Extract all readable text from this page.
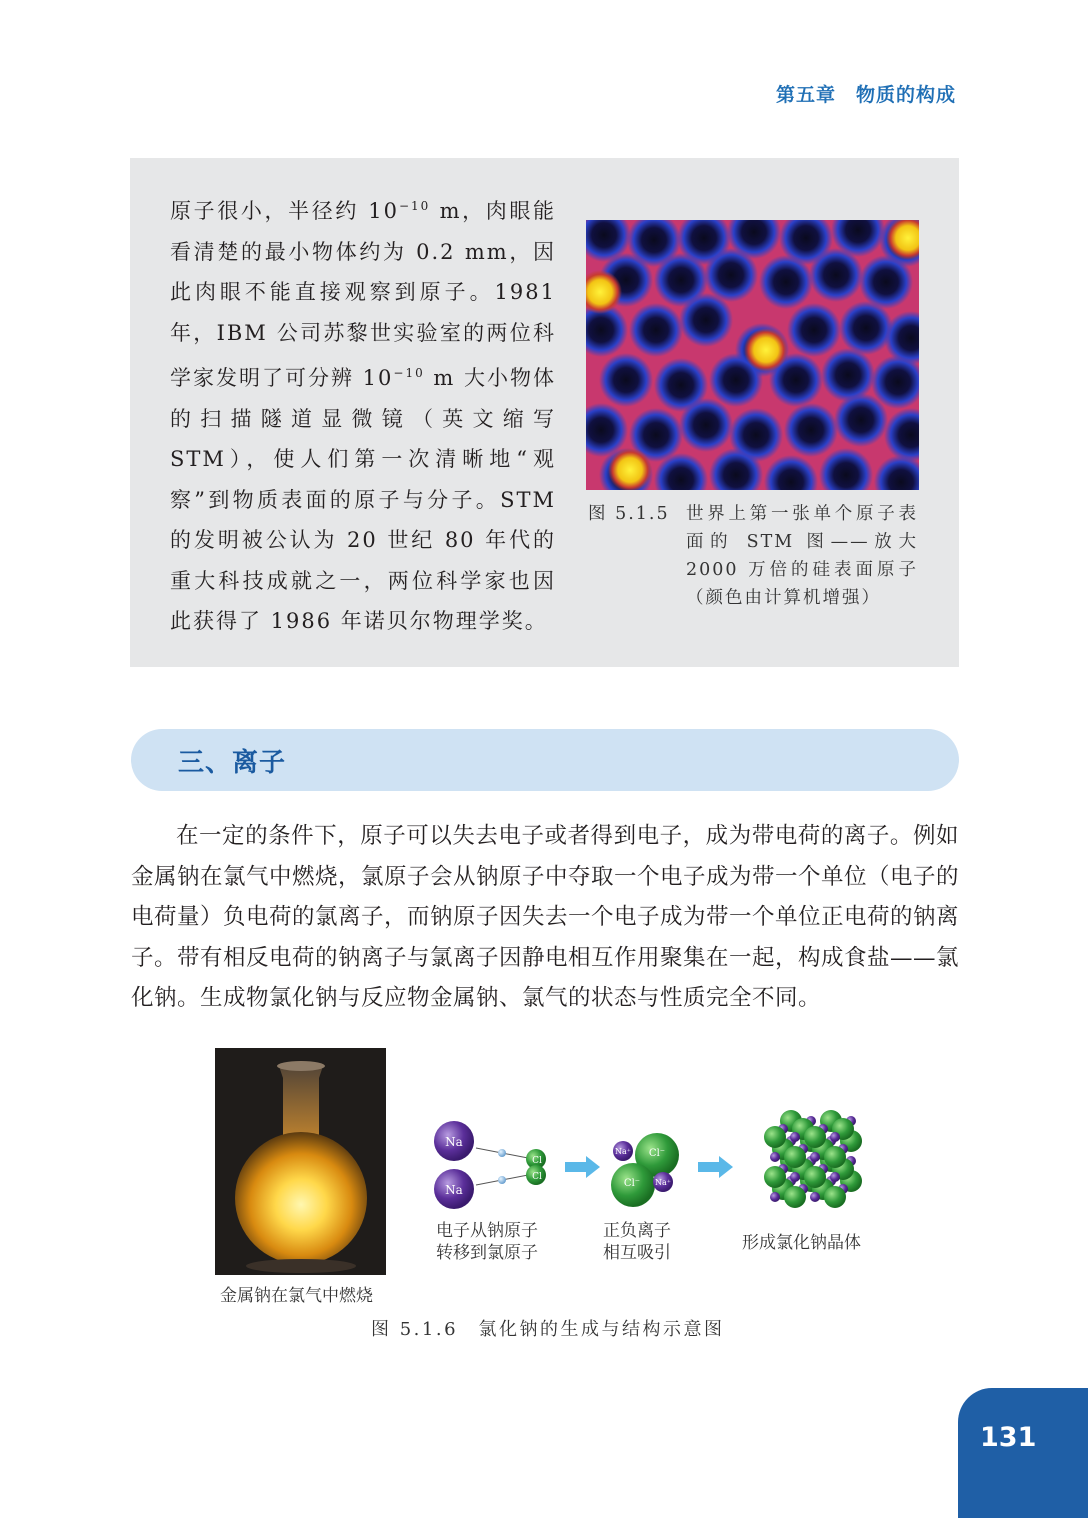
第五章　物质的构成
原子很小，半径约 $10^{-10}$ m，肉眼能看清楚的最小物体约为 0.2 mm，因此肉眼不能直接观察到原子。1981年，IBM 公司苏黎世实验室的两位科学家发明了可分辨 $10^{-10}$ m 大小物体的扫描隧道显微镜（英文缩写 STM），使人们第一次清晰地“观察”到物质表面的原子与分子。STM 的发明被公认为 20 世纪 80 年代的重大科技成就之一，两位科学家也因此获得了 1986 年诺贝尔物理学奖。
图 5.1.5 世界上第一张单个原子表面的 STM 图——放大2000 万倍的硅表面原子（颜色由计算机增强）
三、离子

在一定的条件下，原子可以失去电子或者得到电子，成为带电荷的离子。例如金属钠在氯气中燃烧，氯原子会从钠原子中夺取一个电子成为带一个单位（电子的电荷量）负电荷的氯离子，而钠原子因失去一个电子成为带一个单位正电荷的钠离子。带有相反电荷的钠离子与氯离子因静电相互作用聚集在一起，构成食盐——氯化钠。生成物氯化钠与反应物金属钠、氯气的状态与性质完全不同。

金属钠在氯气中燃烧
Na
Na
Cl
Cl
Cl⁻
Cl⁻
Na⁺
Na⁺
电子从钠原子
转移到氯原子
正负离子
相互吸引	形成氯化钠晶体
图 5.1.6　 氯化钠的生成与结构示意图
131
